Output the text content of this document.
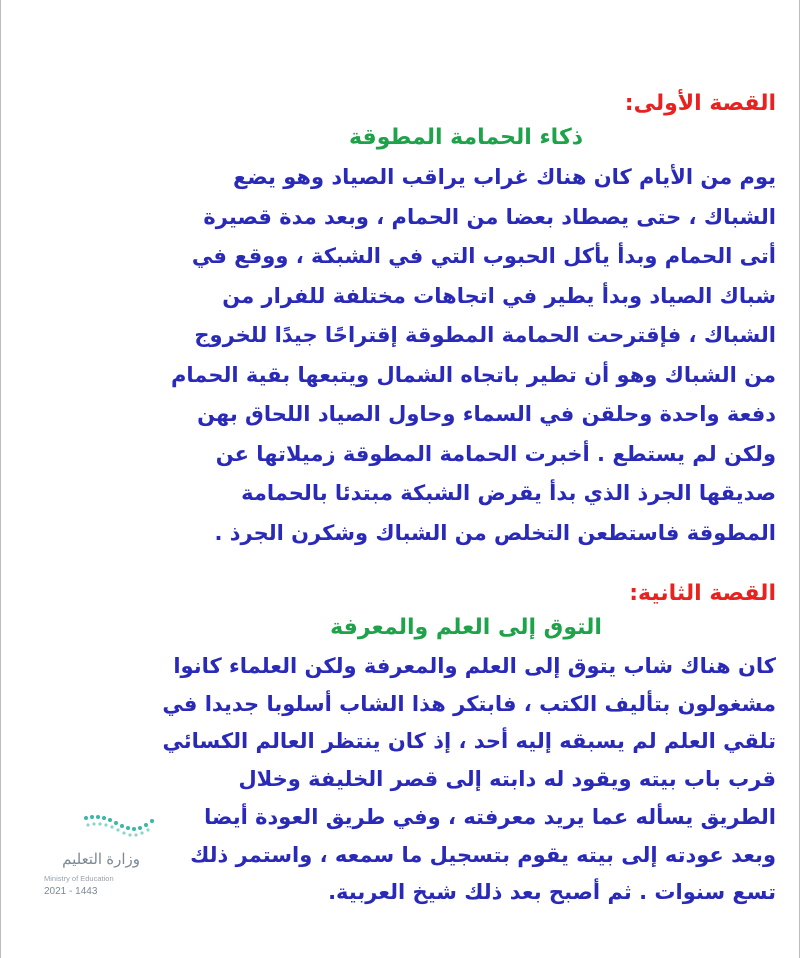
القصة الأولى:
ذكاء الحمامة المطوقة
يوم من الأيام كان هناك غراب يراقب الصياد وهو يضع
الشباك ، حتى يصطاد بعضا من الحمام ، وبعد مدة قصيرة
أتى الحمام وبدأ يأكل الحبوب التي في الشبكة ، ووقع في
شباك الصياد وبدأ يطير في اتجاهات مختلفة للفرار من
الشباك ، فإقترحت الحمامة المطوقة إقتراحًا جيدًا للخروج
من الشباك وهو أن تطير باتجاه الشمال ويتبعها بقية الحمام
دفعة واحدة وحلقن في السماء وحاول الصياد اللحاق بهن
ولكن لم يستطع . أخبرت الحمامة المطوقة زميلاتها عن
صديقها الجرذ الذي بدأ يقرض الشبكة مبتدئا بالحمامة
المطوقة فاستطعن التخلص من الشباك وشكرن الجرذ .
القصة الثانية:
التوق إلى العلم والمعرفة
كان هناك شاب يتوق إلى العلم والمعرفة ولكن العلماء كانوا
مشغولون بتأليف الكتب ، فابتكر هذا الشاب أسلوبا جديدا في
تلقي العلم لم يسبقه إليه أحد ، إذ كان ينتظر العالم الكسائي
قرب باب بيته ويقود له دابته إلى قصر الخليفة وخلال
الطريق يسأله عما يريد معرفته ، وفي طريق العودة أيضا
وبعد عودته إلى بيته يقوم بتسجيل ما سمعه ، واستمر ذلك
تسع سنوات . ثم أصبح بعد ذلك شيخ العربية.
وزارة التعليم
Ministry of Education
2021 - 1443
